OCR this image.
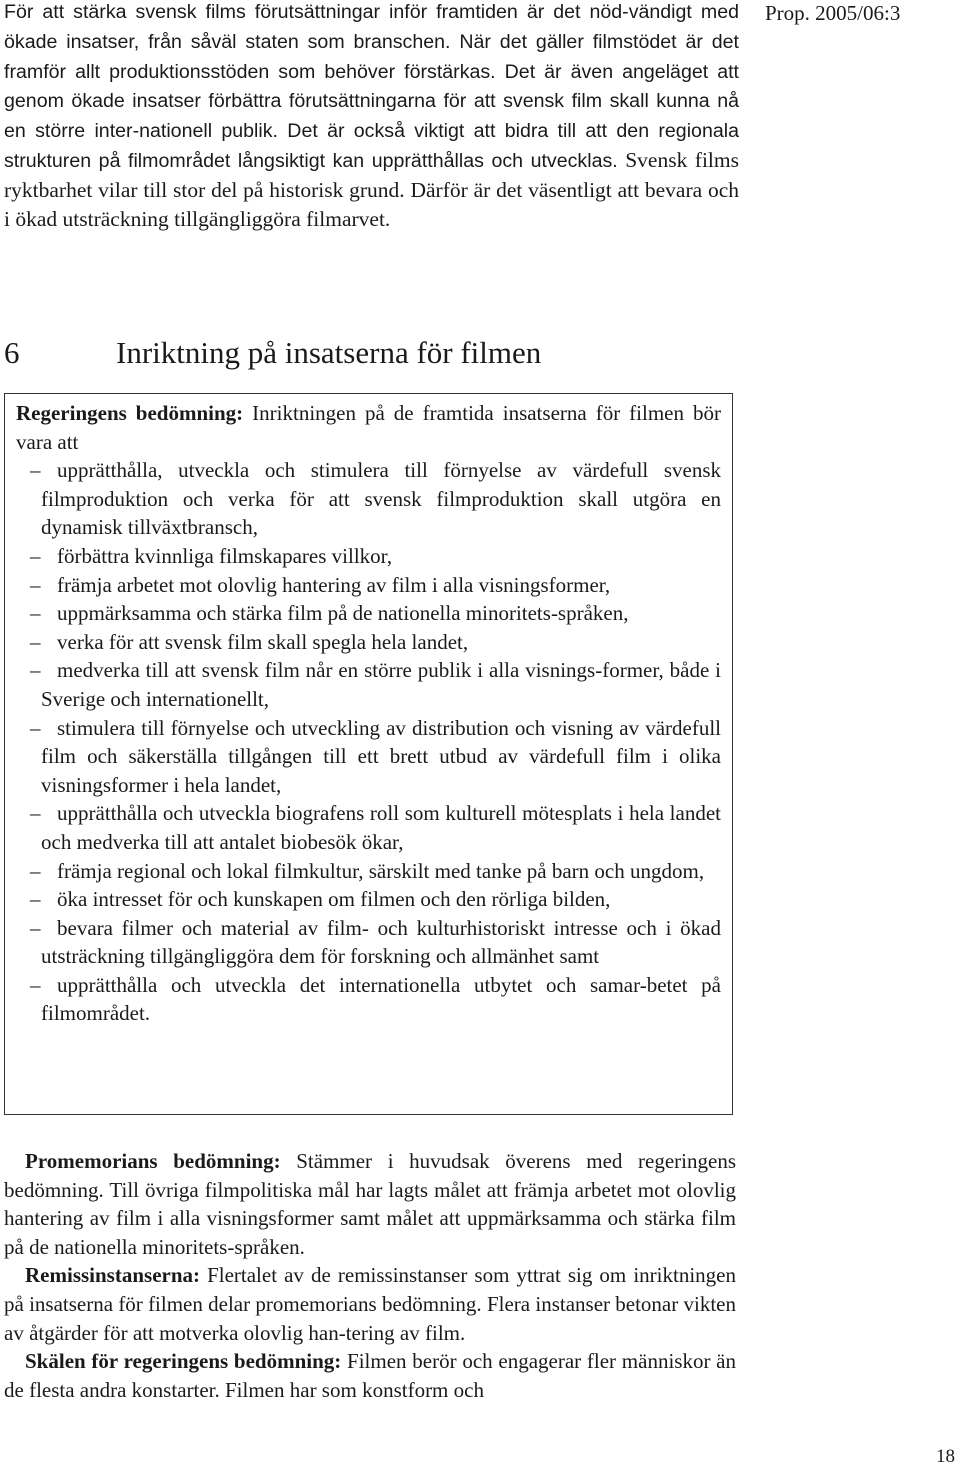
Prop. 2005/06:3

För att stärka svensk films förutsättningar inför framtiden är det nöd-vändigt med ökade insatser, från såväl staten som branschen. När det gäller filmstödet är det framför allt produktionsstöden som behöver förstärkas. Det är även angeläget att genom ökade insatser förbättra förutsättningarna för att svensk film skall kunna nå en större inter-nationell publik. Det är också viktigt att bidra till att den regionala strukturen på filmområdet långsiktigt kan upprätthållas och utvecklas. Svensk films ryktbarhet vilar till stor del på historisk grund. Därför är det väsentligt att bevara och i ökad utsträckning tillgängliggöra filmarvet.

6	Inriktning på insatserna för filmen

Regeringens bedömning: Inriktningen på de framtida insatserna för filmen bör vara att

– upprätthålla, utveckla och stimulera till förnyelse av värdefull svensk filmproduktion och verka för att svensk filmproduktion skall utgöra en dynamisk tillväxtbransch,
– förbättra kvinnliga filmskapares villkor,
– främja arbetet mot olovlig hantering av film i alla visningsformer,
– uppmärksamma och stärka film på de nationella minoritets-språken,
– verka för att svensk film skall spegla hela landet,
– medverka till att svensk film når en större publik i alla visnings-former, både i Sverige och internationellt,
– stimulera till förnyelse och utveckling av distribution och visning av värdefull film och säkerställa tillgången till ett brett utbud av värdefull film i olika visningsformer i hela landet,
– upprätthålla och utveckla biografens roll som kulturell mötesplats i hela landet och medverka till att antalet biobesök ökar,
– främja regional och lokal filmkultur, särskilt med tanke på barn och ungdom,
– öka intresset för och kunskapen om filmen och den rörliga bilden,
– bevara filmer och material av film- och kulturhistoriskt intresse och i ökad utsträckning tillgängliggöra dem för forskning och allmänhet samt
– upprätthålla och utveckla det internationella utbytet och samar-betet på filmområdet.

Promemorians bedömning: Stämmer i huvudsak överens med regeringens bedömning. Till övriga filmpolitiska mål har lagts målet att främja arbetet mot olovlig hantering av film i alla visningsformer samt målet att uppmärksamma och stärka film på de nationella minoritets-språken.

Remissinstanserna: Flertalet av de remissinstanser som yttrat sig om inriktningen på insatserna för filmen delar promemorians bedömning. Flera instanser betonar vikten av åtgärder för att motverka olovlig han-tering av film.

Skälen för regeringens bedömning: Filmen berör och engagerar fler människor än de flesta andra konstarter. Filmen har som konstform och

18
